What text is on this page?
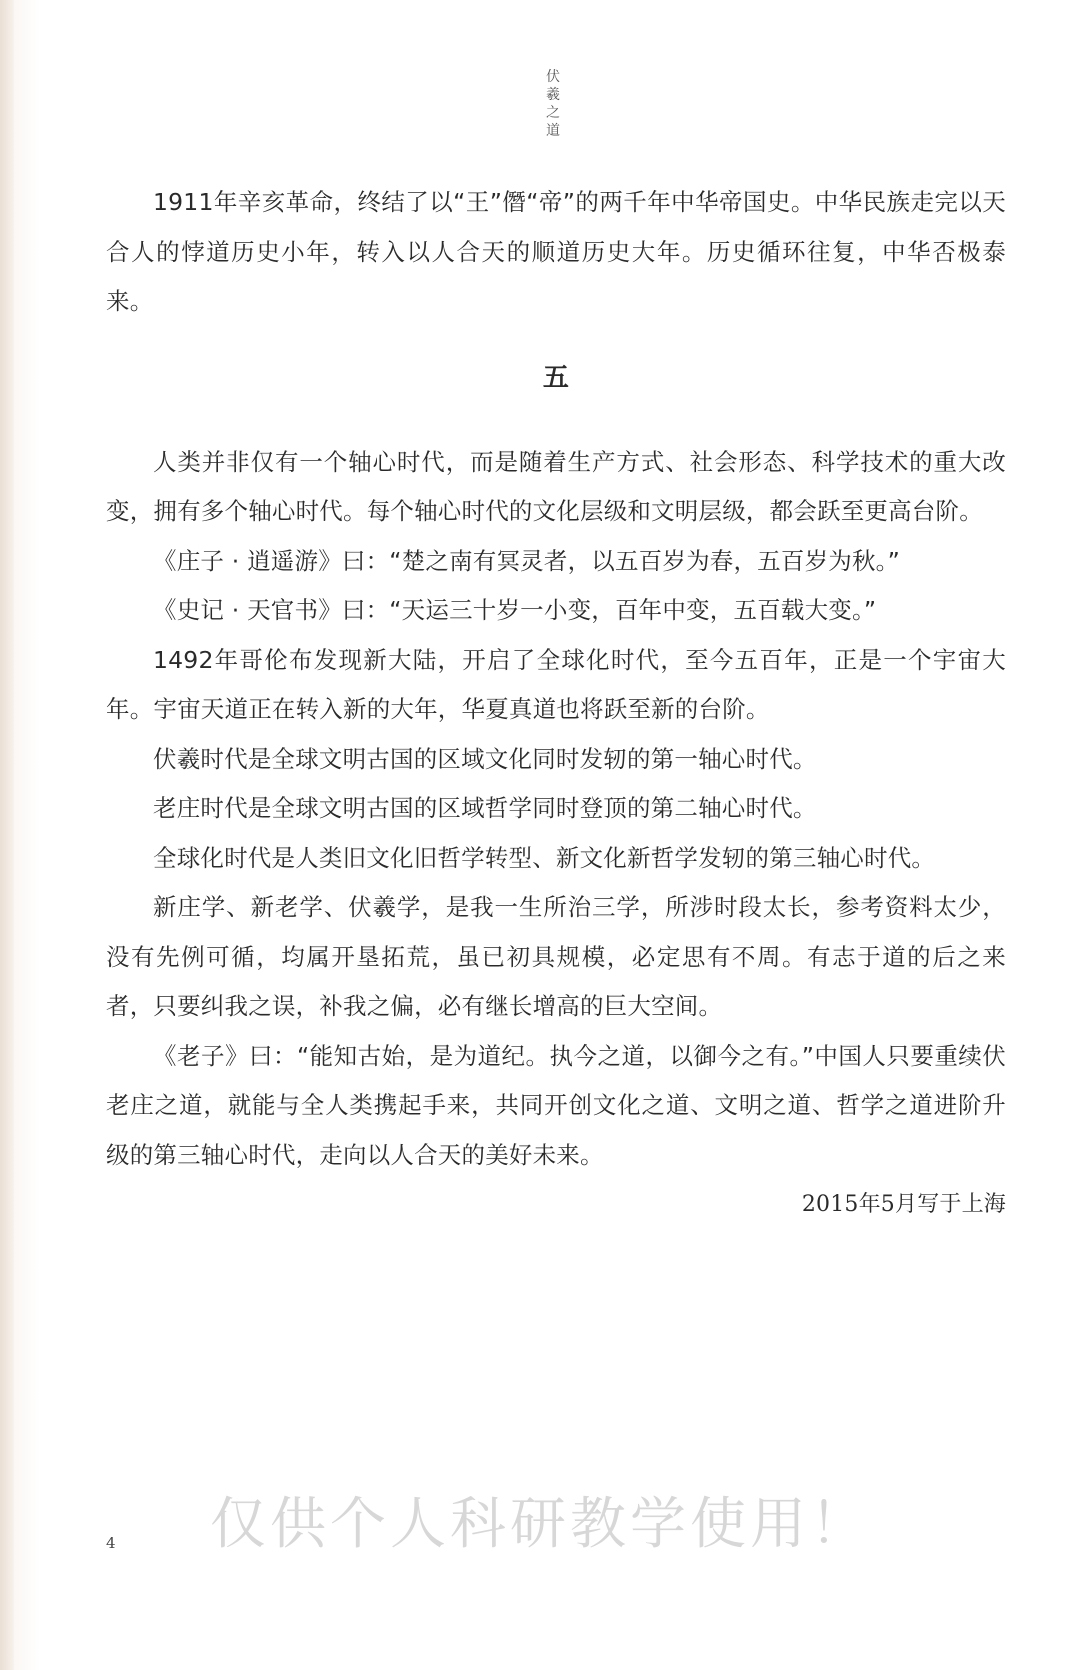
伏羲之道

1911年辛亥革命，终结了以“王”僭“帝”的两千年中华帝国史。中华民族走完以天合人的悖道历史小年，转入以人合天的顺道历史大年。历史循环往复，中华否极泰来。

五

人类并非仅有一个轴心时代，而是随着生产方式、社会形态、科学技术的重大改变，拥有多个轴心时代。每个轴心时代的文化层级和文明层级，都会跃至更高台阶。

《庄子 · 逍遥游》曰：“楚之南有冥灵者，以五百岁为春，五百岁为秋。”

《史记 · 天官书》曰：“天运三十岁一小变，百年中变，五百载大变。”

1492年哥伦布发现新大陆，开启了全球化时代，至今五百年，正是一个宇宙大年。宇宙天道正在转入新的大年，华夏真道也将跃至新的台阶。

伏羲时代是全球文明古国的区域文化同时发轫的第一轴心时代。

老庄时代是全球文明古国的区域哲学同时登顶的第二轴心时代。

全球化时代是人类旧文化旧哲学转型、新文化新哲学发轫的第三轴心时代。

新庄学、新老学、伏羲学，是我一生所治三学，所涉时段太长，参考资料太少，没有先例可循，均属开垦拓荒，虽已初具规模，必定思有不周。有志于道的后之来者，只要纠我之误，补我之偏，必有继长增高的巨大空间。

《老子》曰：“能知古始，是为道纪。执今之道，以御今之有。”中国人只要重续伏老庄之道，就能与全人类携起手来，共同开创文化之道、文明之道、哲学之道进阶升级的第三轴心时代，走向以人合天的美好未来。

2015年5月写于上海

仅供个人科研教学使用！
4
